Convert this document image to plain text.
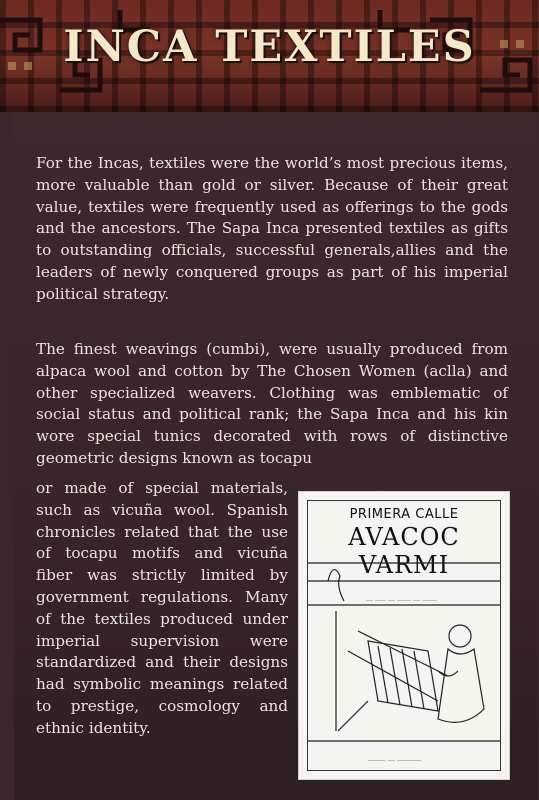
INCA TEXTILES
For the Incas, textiles were the world’s most precious items, more valuable than gold or silver. Because of their great value, textiles were frequently used as offerings to the gods and the ancestors. The Sapa Inca presented textiles as gifts to outstanding officials, successful generals,allies and the leaders of newly conquered groups as part of his imperial political strategy.
The finest weavings (cumbi), were usually produced from alpaca wool and cotton by The Chosen Women (aclla) and other specialized weavers. Clothing was emblematic of social status and political rank; the Sapa Inca and his kin wore special tunics decorated with rows of distinctive geometric designs known as tocapu
or made of special materials, such as vicuña wool. Spanish chronicles related that the use of tocapu motifs and vicuña fiber was strictly limited by government regulations. Many of the textiles produced under imperial supervision were standardized and their designs had symbolic meanings related to prestige, cosmology and ethnic identity.
PRIMERA CALLE
AVACOC VARMI
__ ___ __ ____ __ ____
_____ __ _______
